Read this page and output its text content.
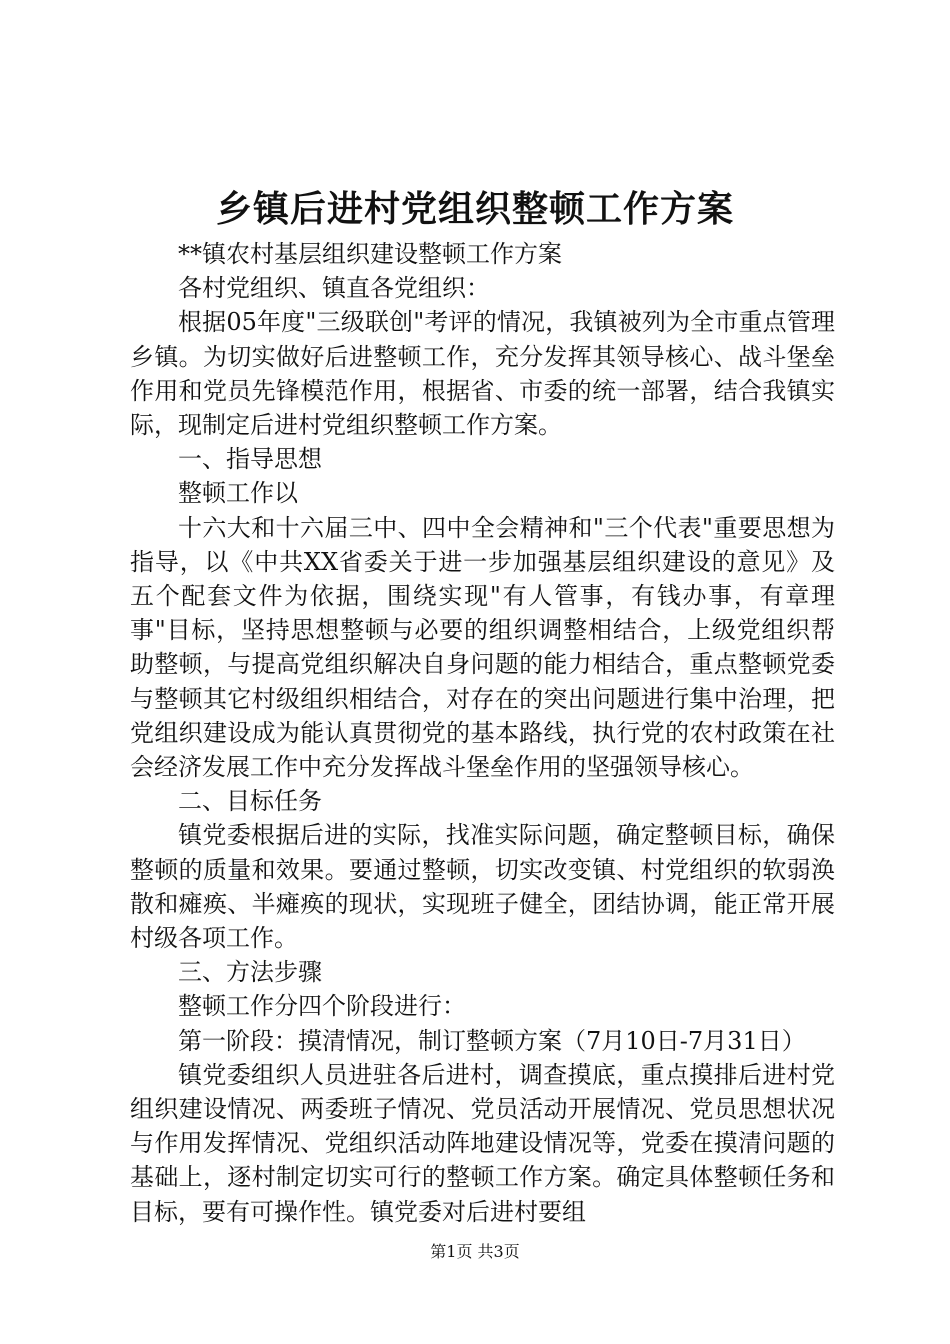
乡镇后进村党组织整顿工作方案

**镇农村基层组织建设整顿工作方案

各村党组织、镇直各党组织：

根据05年度"三级联创"考评的情况，我镇被列为全市重点管理乡镇。为切实做好后进整顿工作，充分发挥其领导核心、战斗堡垒作用和党员先锋模范作用，根据省、市委的统一部署，结合我镇实际，现制定后进村党组织整顿工作方案。

一、指导思想

整顿工作以

十六大和十六届三中、四中全会精神和"三个代表"重要思想为指导，以《中共XX省委关于进一步加强基层组织建设的意见》及五个配套文件为依据，围绕实现"有人管事，有钱办事，有章理事"目标，坚持思想整顿与必要的组织调整相结合，上级党组织帮助整顿，与提高党组织解决自身问题的能力相结合，重点整顿党委与整顿其它村级组织相结合，对存在的突出问题进行集中治理，把党组织建设成为能认真贯彻党的基本路线，执行党的农村政策在社会经济发展工作中充分发挥战斗堡垒作用的坚强领导核心。

二、目标任务

镇党委根据后进的实际，找准实际问题，确定整顿目标，确保整顿的质量和效果。要通过整顿，切实改变镇、村党组织的软弱涣散和瘫痪、半瘫痪的现状，实现班子健全，团结协调，能正常开展村级各项工作。

三、方法步骤

整顿工作分四个阶段进行：

第一阶段：摸清情况，制订整顿方案（7月10日-7月31日）

镇党委组织人员进驻各后进村，调查摸底，重点摸排后进村党组织建设情况、两委班子情况、党员活动开展情况、党员思想状况与作用发挥情况、党组织活动阵地建设情况等，党委在摸清问题的基础上，逐村制定切实可行的整顿工作方案。确定具体整顿任务和目标，要有可操作性。镇党委对后进村要组

第1页 共3页
